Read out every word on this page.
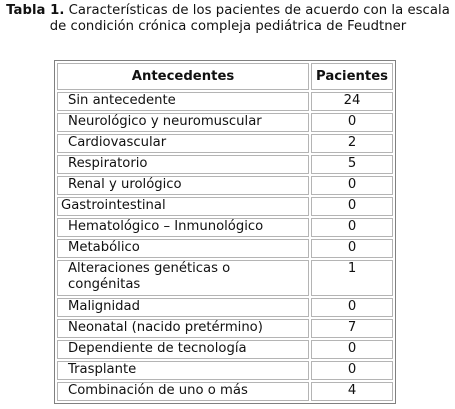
Tabla 1. Características de los pacientes de acuerdo con la escala de condición crónica compleja pediátrica de Feudtner
Antecedentes	Pacientes
Sin antecedente	24
Neurológico y neuromuscular	0
Cardiovascular	2
Respiratorio	5
Renal y urológico	0
Gastrointestinal	0
Hematológico – Inmunológico	0
Metabólico	0
Alteraciones genéticas o congénitas	1
Malignidad	0
Neonatal (nacido pretérmino)	7
Dependiente de tecnología	0
Trasplante	0
Combinación de uno o más	4
